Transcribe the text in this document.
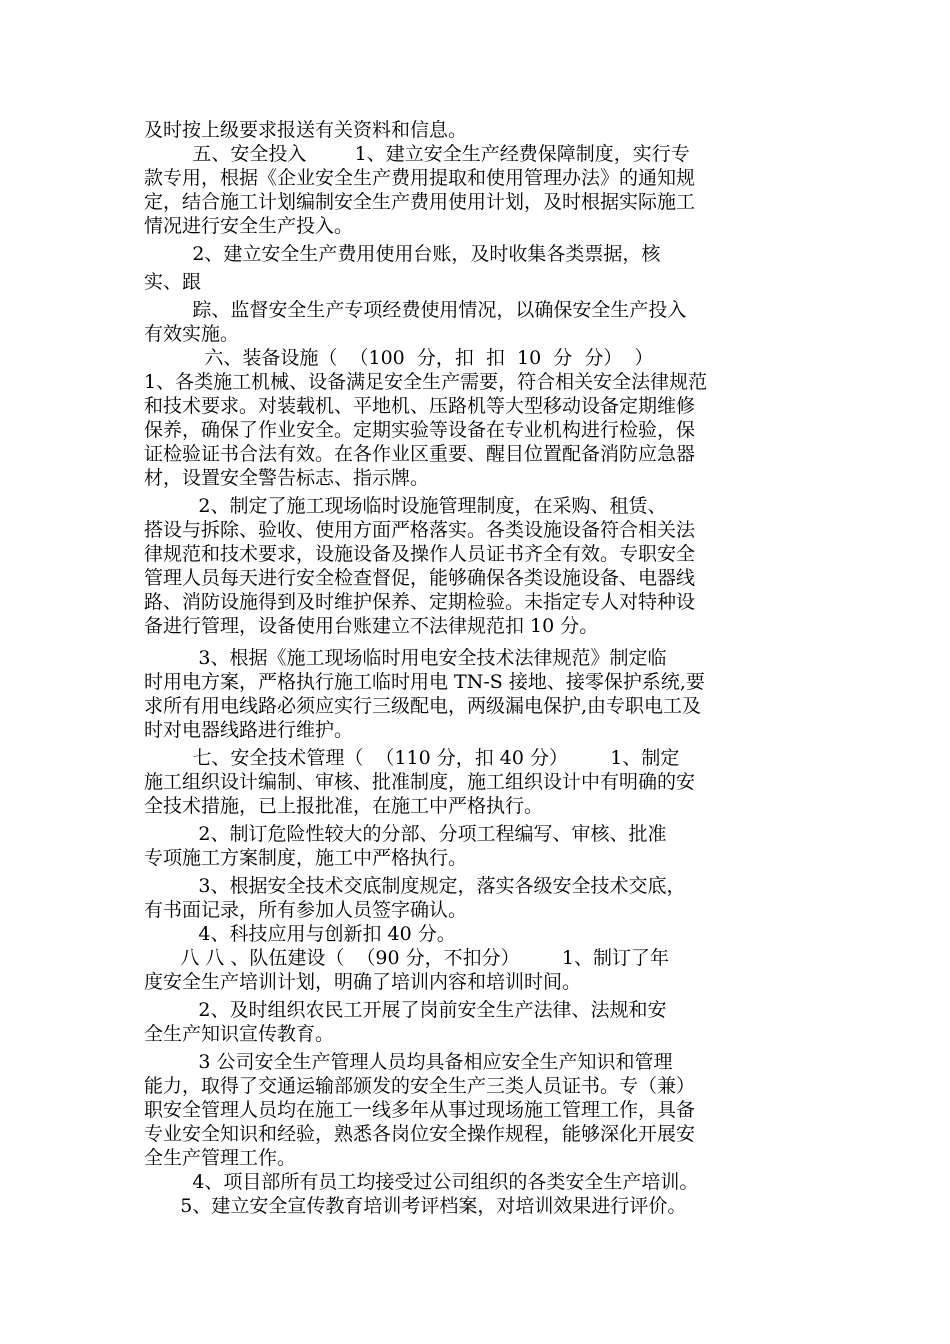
及时按上级要求报送有关资料和信息。
五、安全投入        1、建立安全生产经费保障制度，实行专
款专用，根据《企业安全生产费用提取和使用管理办法》的通知规
定，结合施工计划编制安全生产费用使用计划，及时根据实际施工
情况进行安全生产投入。
2、建立安全生产费用使用台账，及时收集各类票据，核
实、跟
踪、监督安全生产专项经费使用情况，以确保安全生产投入
有效实施。
六、装备设施（  （100  分，扣  扣  10  分  分）  ）
1、各类施工机械、设备满足安全生产需要，符合相关安全法律规范
和技术要求。对装载机、平地机、压路机等大型移动设备定期维修
保养，确保了作业安全。定期实验等设备在专业机构进行检验，保
证检验证书合法有效。在各作业区重要、醒目位置配备消防应急器
材，设置安全警告标志、指示牌。
2、制定了施工现场临时设施管理制度，在采购、租赁、
搭设与拆除、验收、使用方面严格落实。各类设施设备符合相关法
律规范和技术要求，设施设备及操作人员证书齐全有效。专职安全
管理人员每天进行安全检查督促，能够确保各类设施设备、电器线
路、消防设施得到及时维护保养、定期检验。未指定专人对特种设
备进行管理，设备使用台账建立不法律规范扣 10 分。
3、根据《施工现场临时用电安全技术法律规范》制定临
时用电方案，严格执行施工临时用电 TN-S 接地、接零保护系统,要
求所有用电线路必须应实行三级配电，两级漏电保护,由专职电工及
时对电器线路进行维护。
七、安全技术管理（  （110 分，扣 40 分）       1、制定
施工组织设计编制、审核、批准制度，施工组织设计中有明确的安
全技术措施，已上报批准，在施工中严格执行。
2、制订危险性较大的分部、分项工程编写、审核、批准
专项施工方案制度，施工中严格执行。
3、根据安全技术交底制度规定，落实各级安全技术交底，
有书面记录，所有参加人员签字确认。
4、科技应用与创新扣 40 分。
八 八 、队伍建设（  （90 分，不扣分）       1、制订了年
度安全生产培训计划，明确了培训内容和培训时间。
2、及时组织农民工开展了岗前安全生产法律、法规和安
全生产知识宣传教育。
3 公司安全生产管理人员均具备相应安全生产知识和管理
能力，取得了交通运输部颁发的安全生产三类人员证书。专（兼）
职安全管理人员均在施工一线多年从事过现场施工管理工作，具备
专业安全知识和经验，熟悉各岗位安全操作规程，能够深化开展安
全生产管理工作。
4、项目部所有员工均接受过公司组织的各类安全生产培训。
5、建立安全宣传教育培训考评档案，对培训效果进行评价。
